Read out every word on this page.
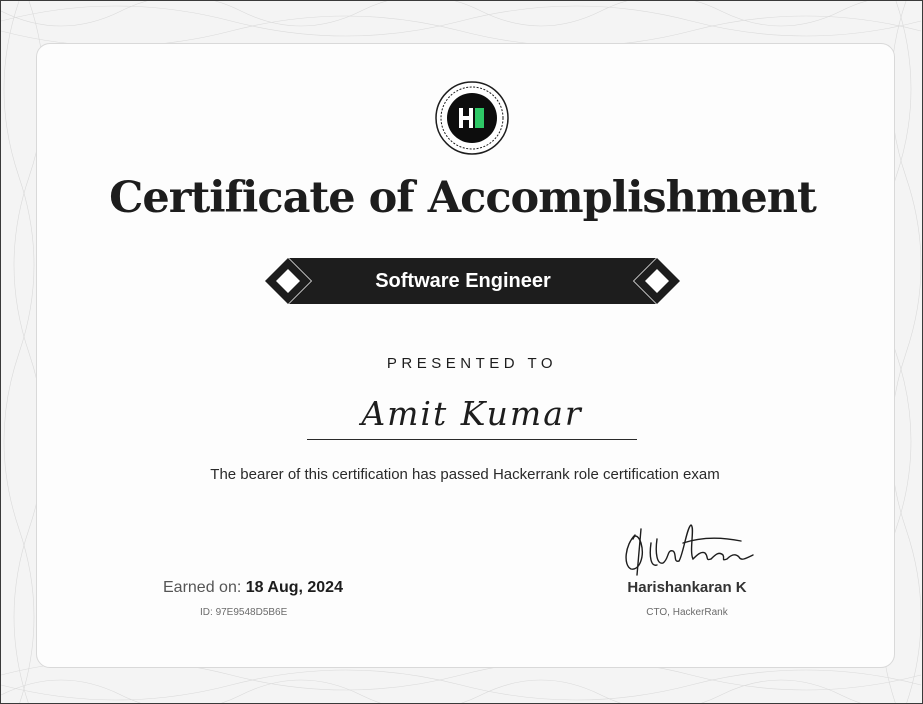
Certificate of Accomplishment
Software Engineer
PRESENTED TO
Amit Kumar
The bearer of this certification has passed Hackerrank role certification exam
Earned on: 18 Aug, 2024
ID: 97E9548D5B6E
Harishankaran K
CTO, HackerRank
